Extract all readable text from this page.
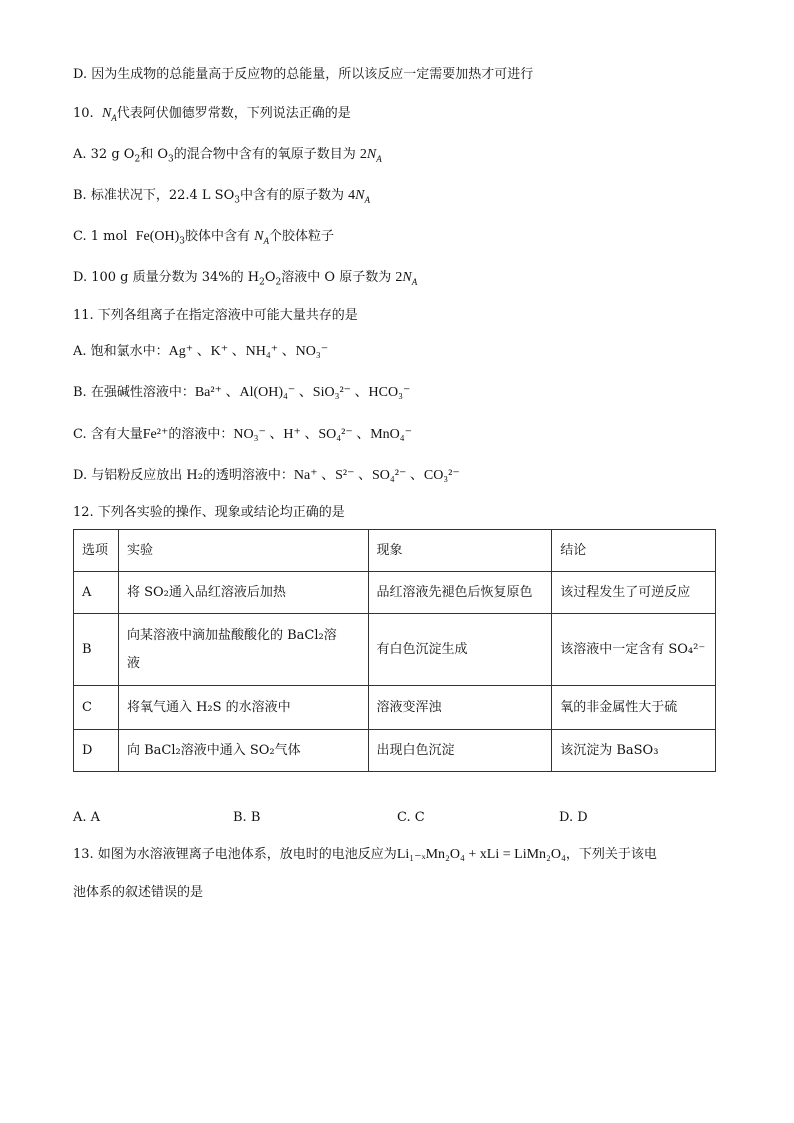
D. 因为生成物的总能量高于反应物的总能量，所以该反应一定需要加热才可进行
10. $N_A$代表阿伏伽德罗常数，下列说法正确的是
A. 32 g $O_2$和 $O_3$的混合物中含有的氧原子数目为 $2N_A$
B. 标准状况下，22.4 L $SO_3$中含有的原子数为 $4N_A$
C. 1 mol $Fe(OH)_3$胶体中含有 $N_A$个胶体粒子
D. 100 g 质量分数为 34%的 $H_2O_2$溶液中 O 原子数为 $2N_A$
11. 下列各组离子在指定溶液中可能大量共存的是
A. 饱和氯水中：Ag⁺ 、K⁺ 、NH₄⁺ 、NO₃⁻
B. 在强碱性溶液中：Ba²⁺ 、Al(OH)₄⁻ 、SiO₃²⁻ 、HCO₃⁻
C. 含有大量Fe²⁺的溶液中：NO₃⁻ 、H⁺ 、SO₄²⁻ 、MnO₄⁻
D. 与铝粉反应放出 H₂的透明溶液中：Na⁺ 、S²⁻ 、SO₄²⁻ 、CO₃²⁻
12. 下列各实验的操作、现象或结论均正确的是
选项	实验	现象	结论
A	将 SO₂通入品红溶液后加热	品红溶液先褪色后恢复原色	该过程发生了可逆反应
B	向某溶液中滴加盐酸酸化的 BaCl₂溶液	有白色沉淀生成	该溶液中一定含有 SO₄²⁻
C	将氧气通入 H₂S 的水溶液中	溶液变浑浊	氧的非金属性大于硫
D	向 BaCl₂溶液中通入 SO₂气体	出现白色沉淀	该沉淀为 BaSO₃
A. A	B. B	C. C	D. D
13. 如图为水溶液锂离子电池体系，放电时的电池反应为Li₁₋ₓMn₂O₄ + xLi = LiMn₂O₄，下列关于该电
池体系的叙述错误的是
